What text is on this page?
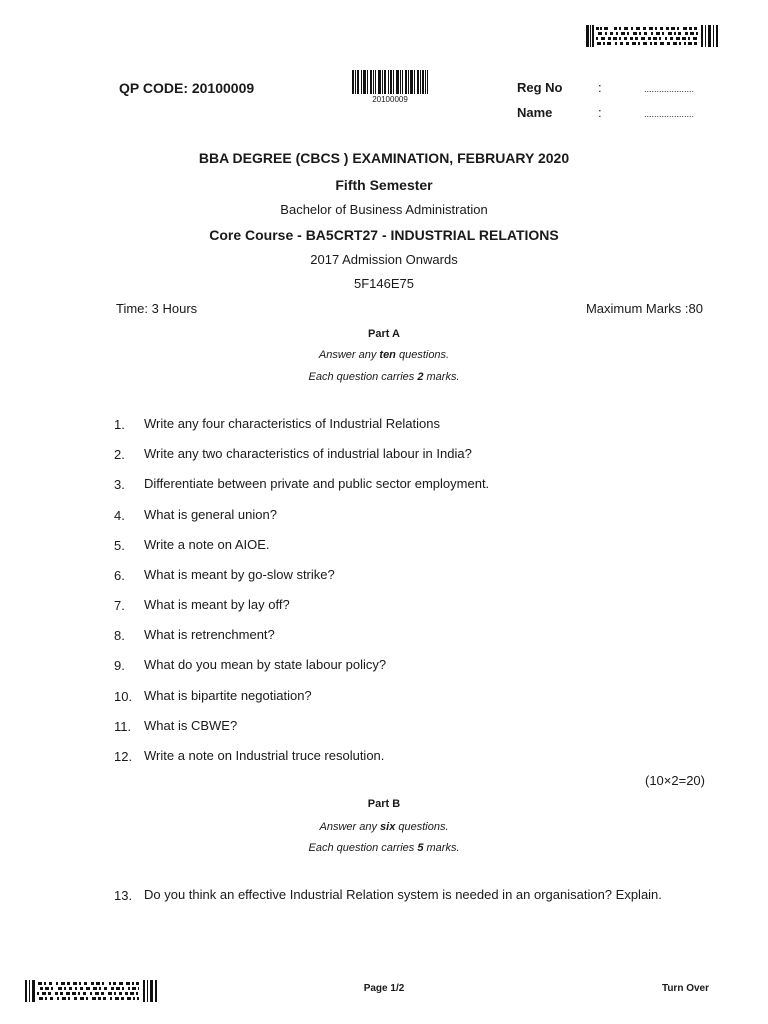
QP CODE: 20100009
20100009
Reg No	:	....................
Name	:	....................
BBA DEGREE (CBCS ) EXAMINATION, FEBRUARY 2020
Fifth Semester
Bachelor of Business Administration
Core Course - BA5CRT27 - INDUSTRIAL RELATIONS
2017 Admission Onwards
5F146E75
Time: 3 Hours	Maximum Marks :80
Part A
Answer any ten questions.
Each question carries 2 marks.
1.	Write any four characteristics of Industrial Relations
2.	Write any two characteristics of industrial labour in India?
3.	Differentiate between private and public sector employment.
4.	What is general union?
5.	Write a note on AIOE.
6.	What is meant by go-slow strike?
7.	What is meant by lay off?
8.	What is retrenchment?
9.	What do you mean by state labour policy?
10. What is bipartite negotiation?
11. What is CBWE?
12. Write a note on Industrial truce resolution.
(10×2=20)
Part B
Answer any six questions.
Each question carries 5 marks.
13. Do you think an effective Industrial Relation system is needed in an organisation? Explain.
Page 1/2	Turn Over
